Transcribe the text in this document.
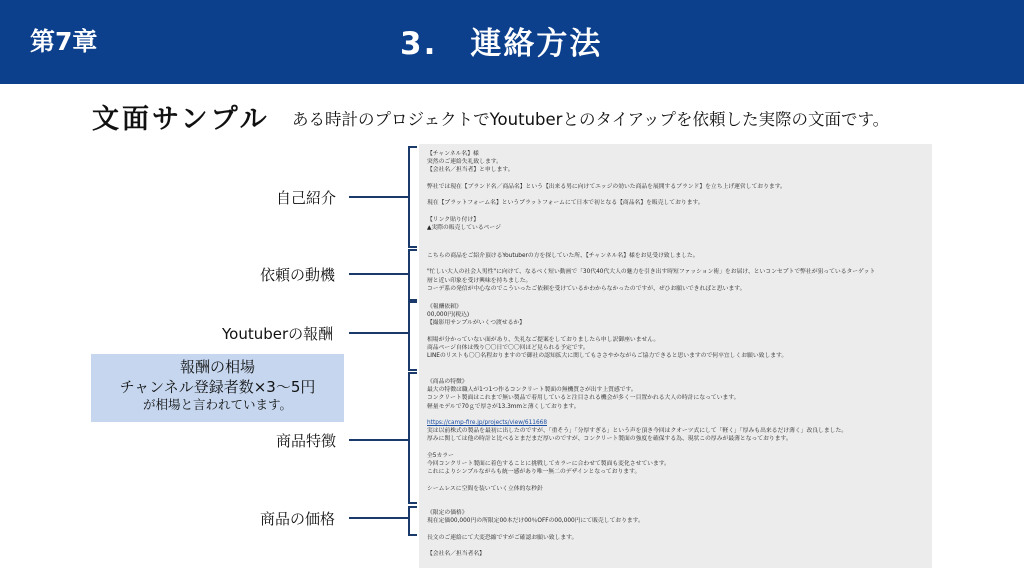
第7章	3.　連絡方法
文面サンプル ある時計のプロジェクトでYoutuberとのタイアップを依頼した実際の文面です。
自己紹介
依頼の動機
Youtuberの報酬
商品特徴
商品の価格
報酬の相場
チャンネル登録者数×3〜5円
が相場と言われています。
【チャンネル名】様
突然のご連絡失礼致します。
【会社名／担当者】と申します。

弊社では現在【ブランド名／商品名】という【出来る男に向けてエッジの効いた商品を展開するブランド】を立ち上げ運営しております。

現在【プラットフォーム名】というプラットフォームにて日本で初となる【商品名】を販売しております。

【リンク貼り付け】
▲実際の販売しているページ
こちらの商品をご紹介頂けるYoutuberの方を探していた所、【チャンネル名】様をお見受け致しました。

"忙しい大人の社会人男性"に向けて、なるべく短い動画で「30代40代大人の魅力を引き出す時短ファッション術」をお届け、といコンセプトで弊社が狙っているターゲット
層と近い印象を受け興味を持ちました。
コーデ系の発信が中心なのでこういったご依頼を受けているかわからなかったのですが、ぜひお願いできればと思います。
《報酬依頼》
00,000円(税込)
【撮影用サンプルがいくつ渡せるか】

相場が分かっていない面があり、失礼なご提案をしておりましたら申し訳御座いません。
商品ページ自体は残り〇〇日で〇〇回ほど見られる予定です。
LINEのリストも〇〇名程おりますので御社の認知拡大に関してもささやかながらご協力できると思いますので何卒宜しくお願い致します。
《商品の特徴》
最大の特徴は職人が1つ1つ作るコンクリート製面の無機質さが出す上質感です。
コンクリート製面はこれまで無い製品で着用していると注目される機会が多く一目置かれる大人の時計になっています。
軽量モデルで70ｇで厚さが13.3mmと薄くしております。

https://camp-fire.jp/projects/view/611668
実は以前株式の製品を最初に出したのですが、「重そう」「分厚すぎる」という声を頂き今回はクオーツ式にして「軽く」「厚みも出来るだけ薄く」改良しました。
厚みに関しては他の時計と比べるとまだまだ厚いのですが、コンクリート製面の強度を確保する為、現状この厚みが最薄となっております。

全5カラー
今回コンクリート製面に着色することに挑戦してカラーに合わせて製面も変化させています。
これによりシンプルながらも統一感があり唯一無二のデザインとなっております。

シームレスに空間を装いていく立体的な秒針
《限定の価格》
現在定価00,000円の所限定00本だけ00％OFFの00,000円にて販売しております。

長文のご連絡にて大変恐縮ですがご確認お願い致します。

【会社名／担当者名】
